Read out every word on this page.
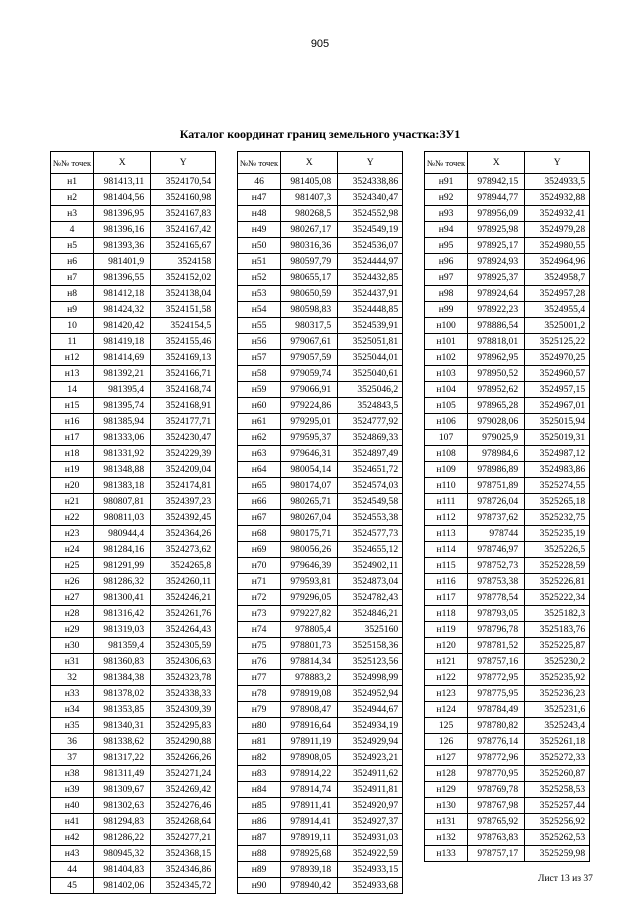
905
Каталог координат границ земельного участка:ЗУ1
№№ точек	X	Y
н1	981413,11	3524170,54
н2	981404,56	3524160,98
н3	981396,95	3524167,83
4	981396,16	3524167,42
н5	981393,36	3524165,67
н6	981401,9	3524158
н7	981396,55	3524152,02
н8	981412,18	3524138,04
н9	981424,32	3524151,58
10	981420,42	3524154,5
11	981419,18	3524155,46
н12	981414,69	3524169,13
н13	981392,21	3524166,71
14	981395,4	3524168,74
н15	981395,74	3524168,91
н16	981385,94	3524177,71
н17	981333,06	3524230,47
н18	981331,92	3524229,39
н19	981348,88	3524209,04
н20	981383,18	3524174,81
н21	980807,81	3524397,23
н22	980811,03	3524392,45
н23	980944,4	3524364,26
н24	981284,16	3524273,62
н25	981291,99	3524265,8
н26	981286,32	3524260,11
н27	981300,41	3524246,21
н28	981316,42	3524261,76
н29	981319,03	3524264,43
н30	981359,4	3524305,59
н31	981360,83	3524306,63
32	981384,38	3524323,78
н33	981378,02	3524338,33
н34	981353,85	3524309,39
н35	981340,31	3524295,83
36	981338,62	3524290,88
37	981317,22	3524266,26
н38	981311,49	3524271,24
н39	981309,67	3524269,42
н40	981302,63	3524276,46
н41	981294,83	3524268,64
н42	981286,22	3524277,21
н43	980945,32	3524368,15
44	981404,83	3524346,86
45	981402,06	3524345,72
№№ точек	X	Y
46	981405,08	3524338,86
н47	981407,3	3524340,47
н48	980268,5	3524552,98
н49	980267,17	3524549,19
н50	980316,36	3524536,07
н51	980597,79	3524444,97
н52	980655,17	3524432,85
н53	980650,59	3524437,91
н54	980598,83	3524448,85
н55	980317,5	3524539,91
н56	979067,61	3525051,81
н57	979057,59	3525044,01
н58	979059,74	3525040,61
н59	979066,91	3525046,2
н60	979224,86	3524843,5
н61	979295,01	3524777,92
н62	979595,37	3524869,33
н63	979646,31	3524897,49
н64	980054,14	3524651,72
н65	980174,07	3524574,03
н66	980265,71	3524549,58
н67	980267,04	3524553,38
н68	980175,71	3524577,73
н69	980056,26	3524655,12
н70	979646,39	3524902,11
н71	979593,81	3524873,04
н72	979296,05	3524782,43
н73	979227,82	3524846,21
н74	978805,4	3525160
н75	978801,73	3525158,36
н76	978814,34	3525123,56
н77	978883,2	3524998,99
н78	978919,08	3524952,94
н79	978908,47	3524944,67
н80	978916,64	3524934,19
н81	978911,19	3524929,94
н82	978908,05	3524923,21
н83	978914,22	3524911,62
н84	978914,74	3524911,81
н85	978911,41	3524920,97
н86	978914,41	3524927,37
н87	978919,11	3524931,03
н88	978925,68	3524922,59
н89	978939,18	3524933,15
н90	978940,42	3524933,68
№№ точек	X	Y
н91	978942,15	3524933,5
н92	978944,77	3524932,88
н93	978956,09	3524932,41
н94	978925,98	3524979,28
н95	978925,17	3524980,55
н96	978924,93	3524964,96
н97	978925,37	3524958,7
н98	978924,64	3524957,28
н99	978922,23	3524955,4
н100	978886,54	3525001,2
н101	978818,01	3525125,22
н102	978962,95	3524970,25
н103	978950,52	3524960,57
н104	978952,62	3524957,15
н105	978965,28	3524967,01
н106	979028,06	3525015,94
107	979025,9	3525019,31
н108	978984,6	3524987,12
н109	978986,89	3524983,86
н110	978751,89	3525274,55
н111	978726,04	3525265,18
н112	978737,62	3525232,75
н113	978744	3525235,19
н114	978746,97	3525226,5
н115	978752,73	3525228,59
н116	978753,38	3525226,81
н117	978778,54	3525222,34
н118	978793,05	3525182,3
н119	978796,78	3525183,76
н120	978781,52	3525225,87
н121	978757,16	3525230,2
н122	978772,95	3525235,92
н123	978775,95	3525236,23
н124	978784,49	3525231,6
125	978780,82	3525243,4
126	978776,14	3525261,18
н127	978772,96	3525272,33
н128	978770,95	3525260,87
н129	978769,78	3525258,53
н130	978767,98	3525257,44
н131	978765,92	3525256,92
н132	978763,83	3525262,53
н133	978757,17	3525259,98
Лист 13 из 37
